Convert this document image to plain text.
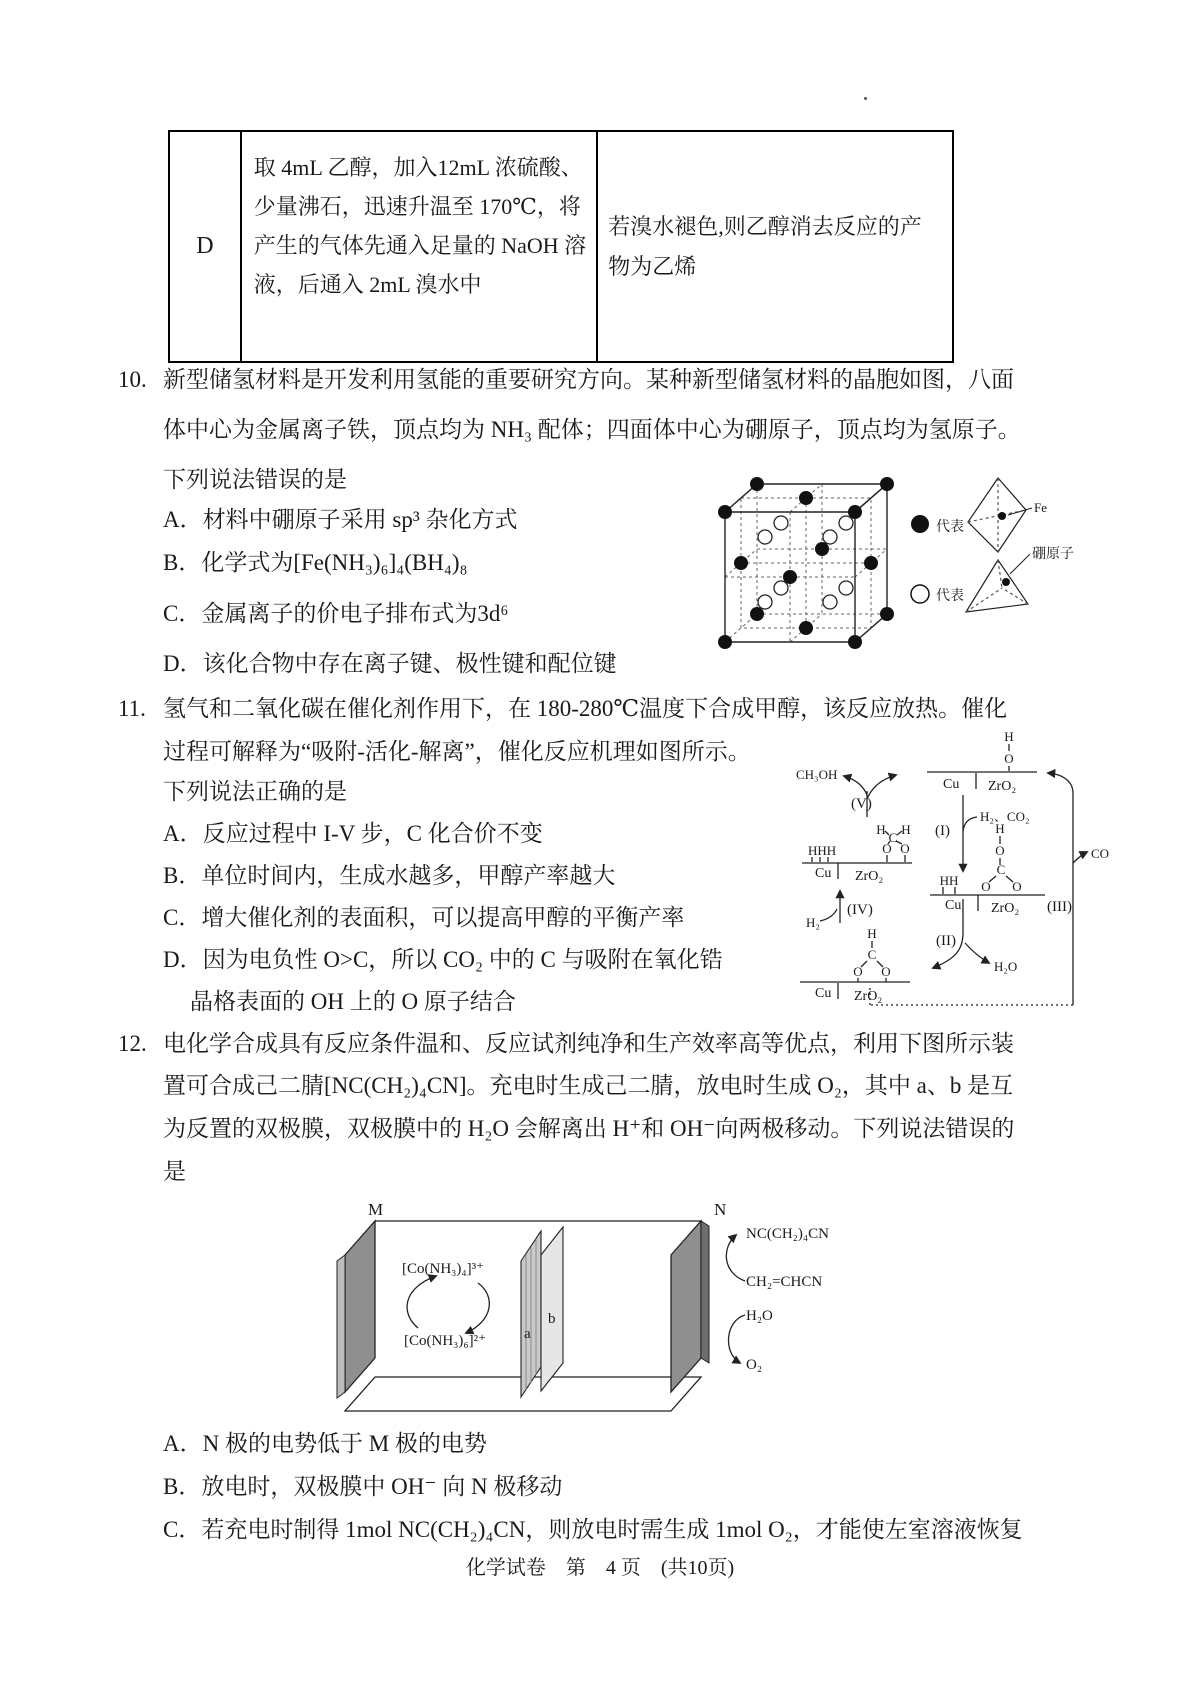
D
取 4mL 乙醇，加入12mL 浓硫酸、
少量沸石，迅速升温至 170℃，将
产生的气体先通入足量的 NaOH 溶
液，后通入 2mL 溴水中
若溴水褪色,则乙醇消去反应的产
物为乙烯
10. 新型储氢材料是开发利用氢能的重要研究方向。某种新型储氢材料的晶胞如图，八面
体中心为金属离子铁，顶点均为 NH₃ 配体；四面体中心为硼原子，顶点均为氢原子。
下列说法错误的是
A．材料中硼原子采用 sp³ 杂化方式
B．化学式为[Fe(NH₃)₆]₄(BH₄)₈
C．金属离子的价电子排布式为3d⁶
D．该化合物中存在离子键、极性键和配位键
代表
Fe
代表
硼原子
11. 氢气和二氧化碳在催化剂作用下，在 180-280℃温度下合成甲醇，该反应放热。催化
过程可解释为“吸附-活化-解离”，催化反应机理如图所示。
下列说法正确的是
A．反应过程中 I-V 步，C 化合价不变
B．单位时间内，生成水越多，甲醇产率越大
C．增大催化剂的表面积，可以提高甲醇的平衡产率
D．因为电负性 O>C，所以 CO₂ 中的 C 与吸附在氧化锆
晶格表面的 OH 上的 O 原子结合
CH₃OH
(V)
Cu ZrO₂
H
O
(I)
H₂、CO₂
HH
H
O
C
O O
Cu ZrO₂ (III)
CO
(II)
H₂O
H
C
O O
Cu ZrO₂
(IV)
H₂
HHH
H
C
H
O O
Cu ZrO₂
12. 电化学合成具有反应条件温和、反应试剂纯净和生产效率高等优点，利用下图所示装
置可合成己二腈[NC(CH₂)₄CN]。充电时生成己二腈，放电时生成 O₂，其中 a、b 是互
为反置的双极膜，双极膜中的 H₂O 会解离出 H⁺和 OH⁻向两极移动。下列说法错误的
是
M	N
[Co(NH₃)₄]³⁺
[Co(NH₃)₆]²⁺	a
b
NC(CH₂)₄CN
CH₂=CHCN
H₂O
O₂
A．N 极的电势低于 M 极的电势
B．放电时，双极膜中 OH⁻ 向 N 极移动
C．若充电时制得 1mol NC(CH₂)₄CN，则放电时需生成 1mol O₂，才能使左室溶液恢复
化学试卷　第　4 页　(共10页)
